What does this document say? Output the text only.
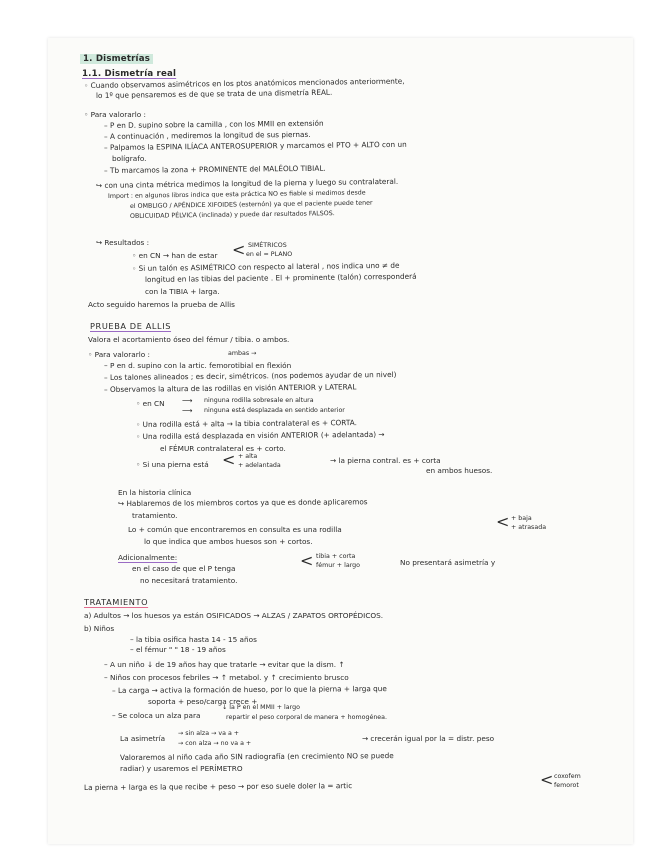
1. Dismetrías
1.1. Dismetría real
◦ Cuando observamos asimétricos en los ptos anatómicos mencionados anteriormente,
lo 1º que pensaremos es de que se trata de una dismetría REAL.
◦ Para valorarlo :
– P en D. supino sobre la camilla , con los MMII en extensión
– A continuación , mediremos la longitud de sus piernas.
– Palpamos la ESPINA ILÍACA ANTEROSUPERIOR y marcamos el PTO + ALTO con un
bolígrafo.
– Tb marcamos la zona + PROMINENTE del MALÉOLO TIBIAL.
↪ con una cinta métrica medimos la longitud de la pierna y luego su contralateral.
Import : en algunos libros indica que esta práctica NO es fiable si medimos desde
el OMBLIGO / APÉNDICE XIFOIDES (esternón) ya que el paciente puede tener
OBLICUIDAD PÉLVICA (inclinada) y puede dar resultados FALSOS.
↪ Resultados :
◦ en CN → han de estar < SIMÉTRICOS
en el = PLANO
◦ Si un talón es ASIMÉTRICO con respecto al lateral , nos indica uno ≠ de
longitud en las tibias del paciente . El + prominente (talón) corresponderá
con la TIBIA + larga.
Acto seguido haremos la prueba de Allis
PRUEBA DE ALLIS
Valora el acortamiento óseo del fémur / tibia. o ambos.
◦ Para valorarlo :	ambas →
– P en d. supino con la artic. femorotibial en flexión
– Los talones alineados ; es decir, simétricos. (nos podemos ayudar de un nivel)
– Observamos la altura de las rodillas en visión ANTERIOR y LATERAL
◦ en CN ⟶
⟶
ninguna rodilla sobresale en altura
ninguna está desplazada en sentido anterior
◦ Una rodilla está + alta → la tibia contralateral es + CORTA.
◦ Una rodilla está desplazada en visión ANTERIOR (+ adelantada) →
el FÉMUR contralateral es + corto.
◦ Si una pierna está < + alta
+ adelantada
→ la pierna contral. es + corta
en ambos huesos.
En la historia clínica
↪ Hablaremos de los miembros cortos ya que es donde aplicaremos
tratamiento.
Lo + común que encontraremos en consulta es una rodilla	< + baja
+ atrasada
lo que indica que ambos huesos son + cortos.
Adicionalmente:
en el caso de que el P tenga	< tibia + corta
fémur + largo	No presentará asimetría y
no necesitará tratamiento.
TRATAMIENTO
a) Adultos → los huesos ya están OSIFICADOS → ALZAS / ZAPATOS ORTOPÉDICOS.
b) Niños
– la tibia osifica hasta 14 - 15 años
– el fémur " " 18 - 19 años
– A un niño ↓ de 19 años hay que tratarle → evitar que la dism. ↑
– Niños con procesos febriles → ↑ metabol. y ↑ crecimiento brusco
– La carga → activa la formación de hueso, por lo que la pierna + larga que
soporta + peso/carga crece +
– Se coloca un alza para
↓ la P en el MMII + largo
repartir el peso corporal de manera + homogénea.
La asimetría
→ sin alza → va a +
→ con alza → no va a +
→ crecerán igual por la = distr. peso
Valoraremos al niño cada año SIN radiografía (en crecimiento NO se puede
radiar) y usaremos el PERÍMETRO
La pierna + larga es la que recibe + peso → por eso suele doler la = artic	< coxofem
femorot
